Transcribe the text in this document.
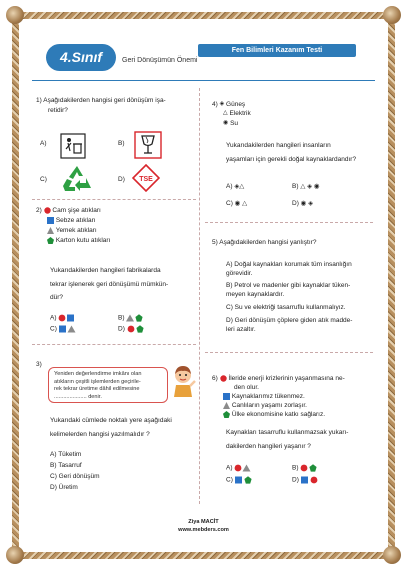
Fen Bilimleri Kazanım Testi
4.Sınıf	Geri Dönüşümün Önemi
1) Aşağıdakilerden hangisi geri dönüşüm işa-
retidir?
A)	B)
C)	D) TSE
2) Cam şişe atıkları
Sebze atıkları
Yemek atıkları
Karton kutu atıkları
Yukarıdakilerden hangileri fabrikalarda
tekrar işlenerek geri dönüşümü mümkün-
dür?
A)	B)
C)	D)
3)
Yeniden değerlendirme imkânı olan
atıkların çeşitli işlemlerden geçirile-
rek tekrar üretime dâhil edilmesine
..................... denir.
Yukarıdaki cümlede noktalı yere aşağıdaki
kelimelerden hangisi yazılmalıdır ?
A) Tüketim
B) Tasarruf
C) Geri dönüşüm
D) Üretim
4) ◈ Güneş
△ Elektrik
◉ Su
Yukarıdakilerden hangileri insanların
yaşamları için gerekli doğal kaynaklardandır?
A) ◈△	B) △ ◈ ◉
C) ◉ △	D) ◉ ◈
5) Aşağıdakilerden hangisi yanlıştır?
A) Doğal kaynakları korumak tüm insanlığın
görevidir.
B) Petrol ve madenler gibi kaynaklar tüken-
meyen kaynaklardır.
C) Su ve elektriği tasarruflu kullanmalıyız.
D) Geri dönüşüm çöplere giden atık madde-
leri azaltır.
6) İleride enerji krizlerinin yaşanmasına ne-
den olur.
Kaynaklarımız tükenmez.
Canlıların yaşamı zorlaşır.
Ülke ekonomisine katkı sağlarız.
Kaynakları tasarruflu kullanmazsak yukarı-
dakilerden hangileri yaşanır ?
A)	B)
C)	D)
Ziya MACİT
www.mebders.com
